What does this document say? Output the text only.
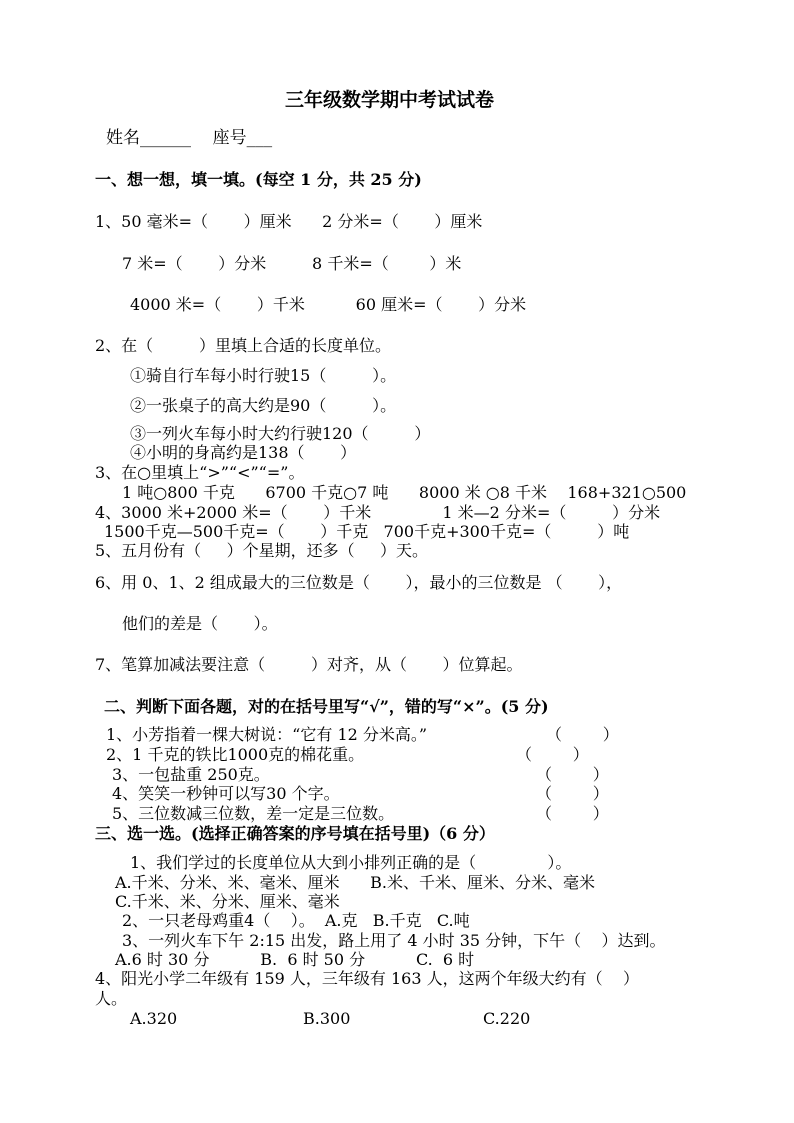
三年级数学期中考试试卷
姓名______    座号___
一、想一想，填一填。(每空 1 分，共 25 分)
1、50 毫米=（       ）厘米      2 分米=（       ）厘米
7 米=（       ）分米         8 千米=（        ）米
4000 米=（       ）千米          60 厘米=（       ）分米
2、在（         ）里填上合适的长度单位。
①骑自行车每小时行驶15（         ）。
②一张桌子的高大约是90（         ）。
③一列火车每小时大约行驶120（         ）
④小明的身高约是138（       ）
3、在○里填上“>”“<”“=”。
1 吨○800 千克      6700 千克○7 吨      8000 米 ○8 千米    168+321○500
4、3000 米+2000 米=（       ）千米              1 米—2 分米=（         ）分米
1500千克—500千克=（       ）千克   700千克+300千克=（         ）吨
5、五月份有（     ）个星期，还多（     ）天。
6、用 0、1、2 组成最大的三位数是（       ），最小的三位数是 （       ），
他们的差是（       ）。
7、笔算加减法要注意（         ）对齐，从（       ）位算起。
二、判断下面各题，对的在括号里写“√”，错的写“×”。(5 分)
1、小芳指着一棵大树说：“它有 12 分米高。”	（        ）
2、1 千克的铁比1000克的棉花重。	（        ）
3、一包盐重 250克。	（        ）
4、笑笑一秒钟可以写30 个字。	（        ）
5、三位数减三位数，差一定是三位数。	（        ）
三、选一选。(选择正确答案的序号填在括号里)（6 分）
1、我们学过的长度单位从大到小排列正确的是（              ）。
A.千米、分米、米、毫米、厘米      B.米、千米、厘米、分米、毫米
C.千米、米、分米、厘米、毫米
2、一只老母鸡重4（    ）。  A.克   B.千克   C.吨
3、一列火车下午 2:15 出发，路上用了 4 小时 35 分钟，下午（    ）达到。
A.6 时 30 分          B.  6 时 50 分          C.  6 时
4、阳光小学二年级有 159 人，三年级有 163 人，这两个年级大约有（    ）
人。
A.320	B.300	C.220
